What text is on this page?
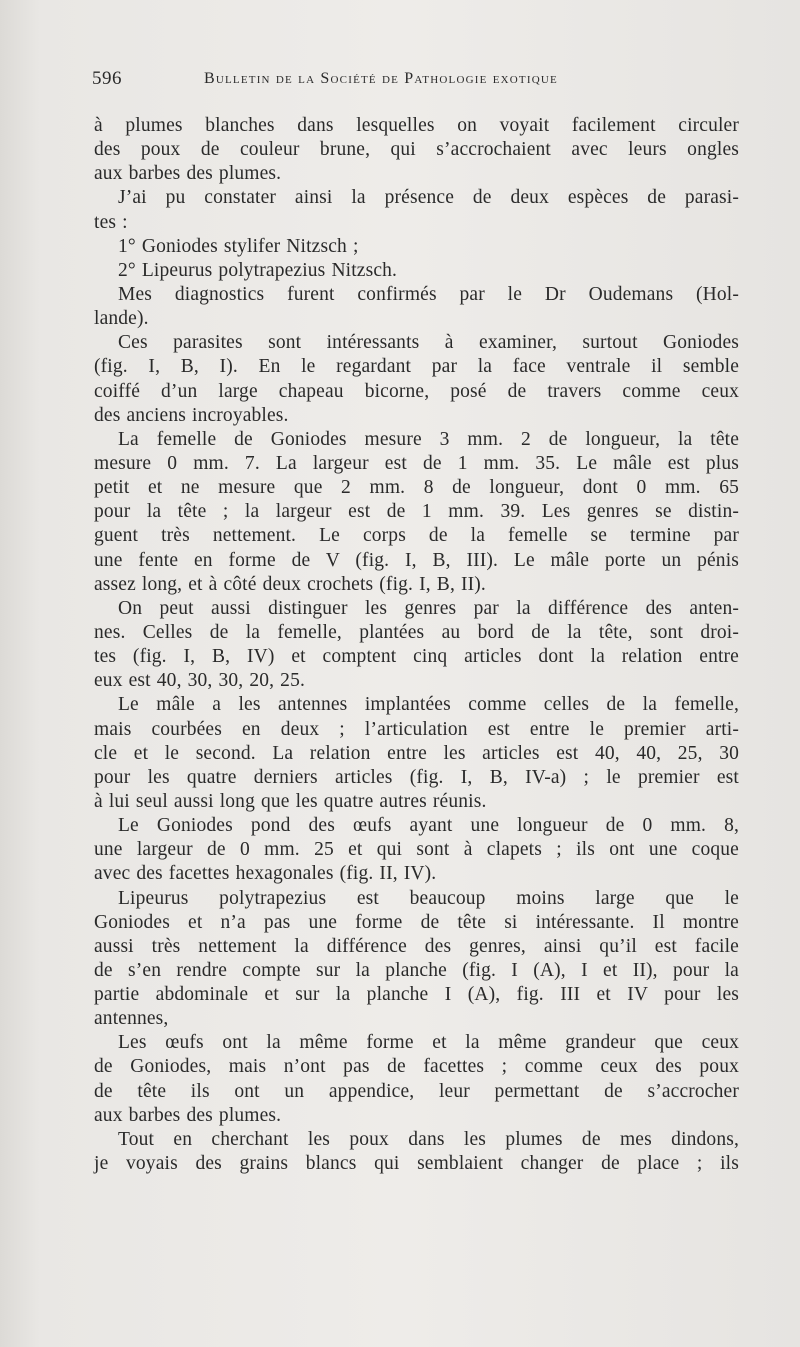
596	Bulletin de la Société de Pathologie exotique
à plumes blanches dans lesquelles on voyait facilement circuler
des poux de couleur brune, qui s’accrochaient avec leurs ongles
aux barbes des plumes.
J’ai pu constater ainsi la présence de deux espèces de parasi-
tes :
1° Goniodes stylifer Nitzsch ;
2° Lipeurus polytrapezius Nitzsch.
Mes diagnostics furent confirmés par le Dr Oudemans (Hol-
lande).
Ces parasites sont intéressants à examiner, surtout Goniodes
(fig. I, B, I). En le regardant par la face ventrale il semble
coiffé d’un large chapeau bicorne, posé de travers comme ceux
des anciens incroyables.
La femelle de Goniodes mesure 3 mm. 2 de longueur, la tête
mesure 0 mm. 7. La largeur est de 1 mm. 35. Le mâle est plus
petit et ne mesure que 2 mm. 8 de longueur, dont 0 mm. 65
pour la tête ; la largeur est de 1 mm. 39. Les genres se distin-
guent très nettement. Le corps de la femelle se termine par
une fente en forme de V (fig. I, B, III). Le mâle porte un pénis
assez long, et à côté deux crochets (fig. I, B, II).
On peut aussi distinguer les genres par la différence des anten-
nes. Celles de la femelle, plantées au bord de la tête, sont droi-
tes (fig. I, B, IV) et comptent cinq articles dont la relation entre
eux est 40, 30, 30, 20, 25.
Le mâle a les antennes implantées comme celles de la femelle,
mais courbées en deux ; l’articulation est entre le premier arti-
cle et le second. La relation entre les articles est 40, 40, 25, 30
pour les quatre derniers articles (fig. I, B, IV-a) ; le premier est
à lui seul aussi long que les quatre autres réunis.
Le Goniodes pond des œufs ayant une longueur de 0 mm. 8,
une largeur de 0 mm. 25 et qui sont à clapets ; ils ont une coque
avec des facettes hexagonales (fig. II, IV).
Lipeurus polytrapezius est beaucoup moins large que le
Goniodes et n’a pas une forme de tête si intéressante. Il montre
aussi très nettement la différence des genres, ainsi qu’il est facile
de s’en rendre compte sur la planche (fig. I (A), I et II), pour la
partie abdominale et sur la planche I (A), fig. III et IV pour les
antennes,
Les œufs ont la même forme et la même grandeur que ceux
de Goniodes, mais n’ont pas de facettes ; comme ceux des poux
de tête ils ont un appendice, leur permettant de s’accrocher
aux barbes des plumes.
Tout en cherchant les poux dans les plumes de mes dindons,
je voyais des grains blancs qui semblaient changer de place ; ils
